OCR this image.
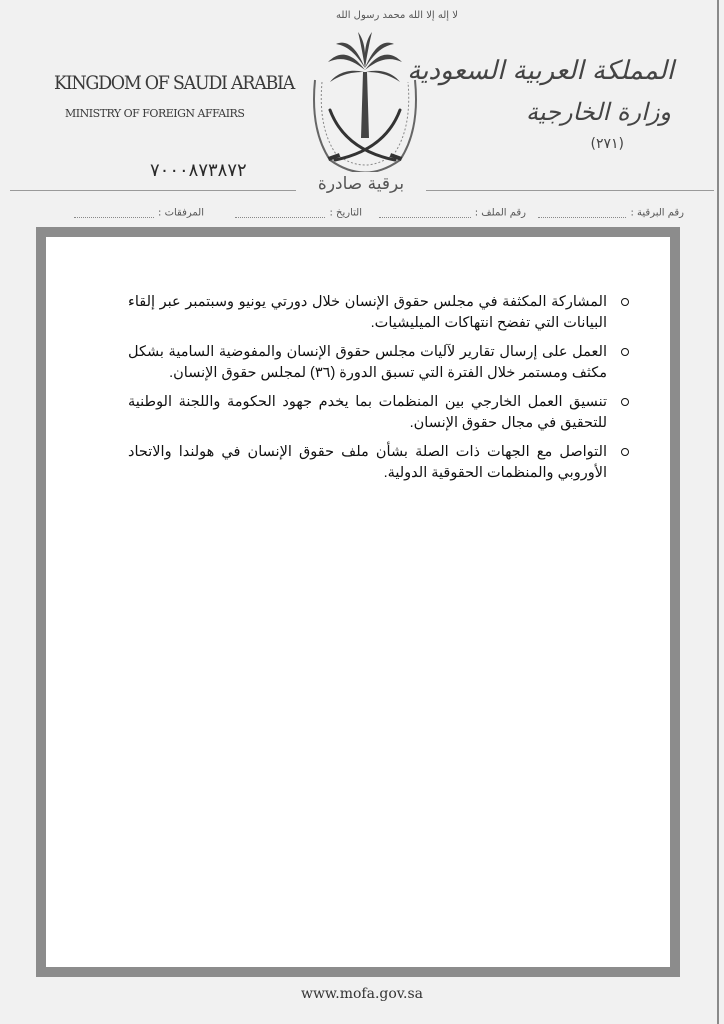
KINGDOM OF SAUDI ARABIA
MINISTRY OF FOREIGN AFFAIRS
المملكة العربية السعودية
وزارة الخارجية
(٢٧١)
لا إله إلا الله محمد رسول الله
٧٠٠٠٨٧٣٨٧٢
برقية صادرة
رقم البرقية :
رقم الملف :
التاريخ :
المرفقات :
المشاركة المكثفة في مجلس حقوق الإنسان خلال دورتي يونيو وسبتمبر عبر إلقاء البيانات التي تفضح انتهاكات الميليشيات.
العمل على إرسال تقارير لآليات مجلس حقوق الإنسان والمفوضية السامية بشكل مكثف ومستمر خلال الفترة التي تسبق الدورة (٣٦) لمجلس حقوق الإنسان.
تنسيق العمل الخارجي بين المنظمات بما يخدم جهود الحكومة واللجنة الوطنية للتحقيق في مجال حقوق الإنسان.
التواصل مع الجهات ذات الصلة بشأن ملف حقوق الإنسان في هولندا والاتحاد الأوروبي والمنظمات الحقوقية الدولية.
www.mofa.gov.sa
